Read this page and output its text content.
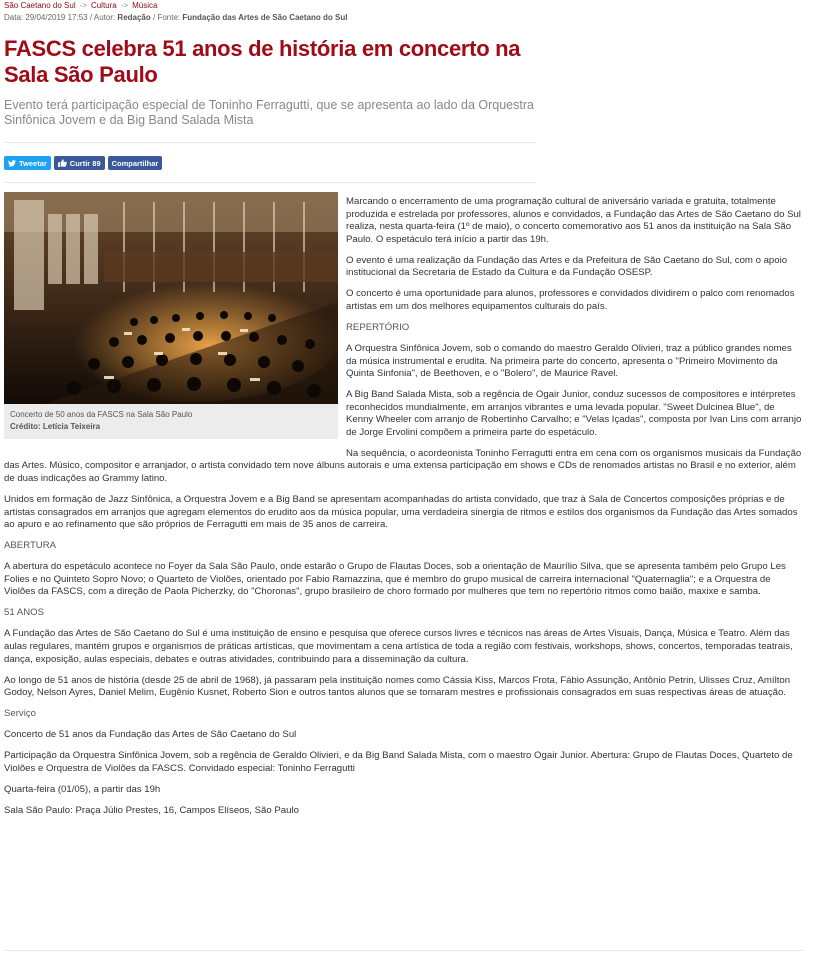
São Caetano do Sul -> Cultura -> Música
Data: 29/04/2019 17:53 / Autor: Redação / Fonte: Fundação das Artes de São Caetano do Sul
FASCS celebra 51 anos de história em concerto na Sala São Paulo

Evento terá participação especial de Toninho Ferragutti, que se apresenta ao lado da Orquestra Sinfônica Jovem e da Big Band Salada Mista

Tweetar	Curtir 89 Compartilhar
Concerto de 50 anos da FASCS na Sala São Paulo
Crédito: Letícia Teixeira

Marcando o encerramento de uma programação cultural de aniversário variada e gratuita, totalmente produzida e estrelada por professores, alunos e convidados, a Fundação das Artes de São Caetano do Sul realiza, nesta quarta-feira (1º de maio), o concerto comemorativo aos 51 anos da instituição na Sala São Paulo. O espetáculo terá início a partir das 19h.

O evento é uma realização da Fundação das Artes e da Prefeitura de São Caetano do Sul, com o apoio institucional da Secretaria de Estado da Cultura e da Fundação OSESP.

O concerto é uma oportunidade para alunos, professores e convidados dividirem o palco com renomados artistas em um dos melhores equipamentos culturais do país.

REPERTÓRIO

A Orquestra Sinfônica Jovem, sob o comando do maestro Geraldo Olivieri, traz a público grandes nomes da música instrumental e erudita. Na primeira parte do concerto, apresenta o "Primeiro Movimento da Quinta Sinfonia", de Beethoven, e o "Bolero", de Maurice Ravel.

A Big Band Salada Mista, sob a regência de Ogair Junior, conduz sucessos de compositores e intérpretes reconhecidos mundialmente, em arranjos vibrantes e uma levada popular. "Sweet Dulcinea Blue", de Kenny Wheeler com arranjo de Robertinho Carvalho; e "Velas Içadas", composta por Ivan Lins com arranjo de Jorge Ervolini compõem a primeira parte do espetáculo.

Na sequência, o acordeonista Toninho Ferragutti entra em cena com os organismos musicais da Fundação das Artes. Músico, compositor e arranjador, o artista convidado tem nove álbuns autorais e uma extensa participação em shows e CDs de renomados artistas no Brasil e no exterior, além de duas indicações ao Grammy latino.

Unidos em formação de Jazz Sinfônica, a Orquestra Jovem e a Big Band se apresentam acompanhadas do artista convidado, que traz à Sala de Concertos composições próprias e de artistas consagrados em arranjos que agregam elementos do erudito aos da música popular, uma verdadeira sinergia de ritmos e estilos dos organismos da Fundação das Artes somados ao apuro e ao refinamento que são próprios de Ferragutti em mais de 35 anos de carreira.

ABERTURA

A abertura do espetáculo acontece no Foyer da Sala São Paulo, onde estarão o Grupo de Flautas Doces, sob a orientação de Maurílio Silva, que se apresenta também pelo Grupo Les Folies e no Quinteto Sopro Novo; o Quarteto de Violões, orientado por Fabio Ramazzina, que é membro do grupo musical de carreira internacional "Quaternaglia"; e a Orquestra de Violões da FASCS, com a direção de Paola Picherzky, do "Choronas", grupo brasileiro de choro formado por mulheres que tem no repertório ritmos como baião, maxixe e samba.

51 ANOS

A Fundação das Artes de São Caetano do Sul é uma instituição de ensino e pesquisa que oferece cursos livres e técnicos nas áreas de Artes Visuais, Dança, Música e Teatro. Além das aulas regulares, mantém grupos e organismos de práticas artísticas, que movimentam a cena artística de toda a região com festivais, workshops, shows, concertos, temporadas teatrais, dança, exposição, aulas especiais, debates e outras atividades, contribuindo para a disseminação da cultura.

Ao longo de 51 anos de história (desde 25 de abril de 1968), já passaram pela instituição nomes como Cássia Kiss, Marcos Frota, Fábio Assunção, Antônio Petrin, Ulisses Cruz, Amílton Godoy, Nelson Ayres, Daniel Melim, Eugênio Kusnet, Roberto Sion e outros tantos alunos que se tornaram mestres e profissionais consagrados em suas respectivas áreas de atuação.

Serviço

Concerto de 51 anos da Fundação das Artes de São Caetano do Sul

Participação da Orquestra Sinfônica Jovem, sob a regência de Geraldo Olivieri, e da Big Band Salada Mista, com o maestro Ogair Junior. Abertura: Grupo de Flautas Doces, Quarteto de Violões e Orquestra de Violões da FASCS. Convidado especial: Toninho Ferragutti

Quarta-feira (01/05), a partir das 19h

Sala São Paulo: Praça Júlio Prestes, 16, Campos Elíseos, São Paulo
